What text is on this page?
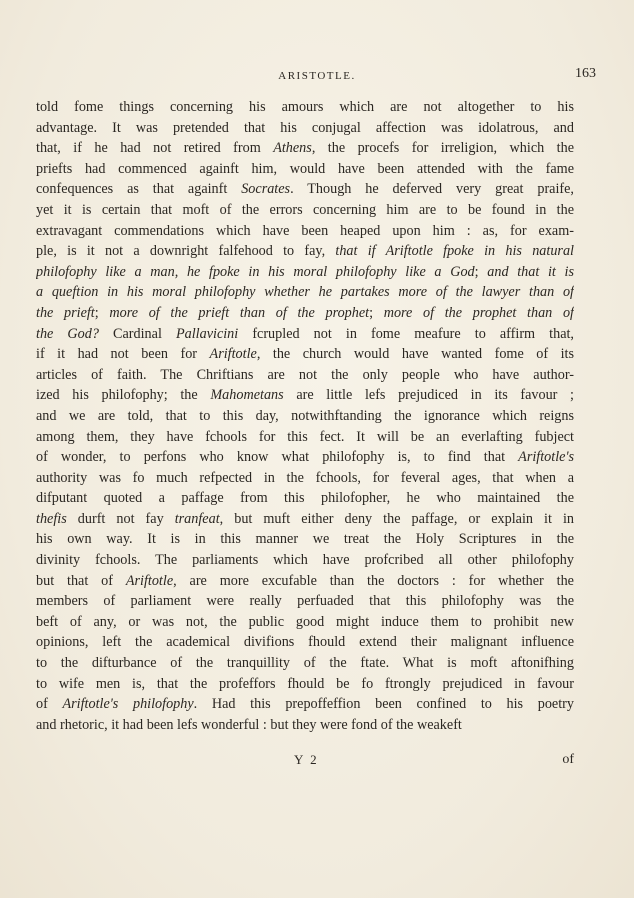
ARISTOTLE.	163
told fome things concerning his amours which are not altogether to his
advantage. It was pretended that his conjugal affection was idolatrous, and
that, if he had not retired from Athens, the procefs for irreligion, which the
priefts had commenced againft him, would have been attended with the fame
confequences as that againft Socrates. Though he deferved very great praife,
yet it is certain that moft of the errors concerning him are to be found in the
extravagant commendations which have been heaped upon him : as, for exam-
ple, is it not a downright falfehood to fay, that if Ariftotle fpoke in his natural
philofophy like a man, he fpoke in his moral philofophy like a God; and that it is
a queftion in his moral philofophy whether he partakes more of the lawyer than of
the prieft; more of the prieft than of the prophet; more of the prophet than of
the God? Cardinal Pallavicini fcrupled not in fome meafure to affirm that,
if it had not been for Ariftotle, the church would have wanted fome of its
articles of faith. The Chriftians are not the only people who have author-
ized his philofophy; the Mahometans are little lefs prejudiced in its favour ;
and we are told, that to this day, notwithftanding the ignorance which reigns
among them, they have fchools for this fect. It will be an everlafting fubject
of wonder, to perfons who know what philofophy is, to find that Ariftotle's
authority was fo much refpected in the fchools, for feveral ages, that when a
difputant quoted a paffage from this philofopher, he who maintained the
thefis durft not fay tranfeat, but muft either deny the paffage, or explain it in
his own way. It is in this manner we treat the Holy Scriptures in the
divinity fchools. The parliaments which have profcribed all other philofophy
but that of Ariftotle, are more excufable than the doctors : for whether the
members of parliament were really perfuaded that this philofophy was the
beft of any, or was not, the public good might induce them to prohibit new
opinions, left the academical divifions fhould extend their malignant influence
to the difturbance of the tranquillity of the ftate. What is moft aftonifhing
to wife men is, that the profeffors fhould be fo ftrongly prejudiced in favour
of Ariftotle's philofophy. Had this prepoffeffion been confined to his poetry
and rhetoric, it had been lefs wonderful : but they were fond of the weakeft
Y 2	of
